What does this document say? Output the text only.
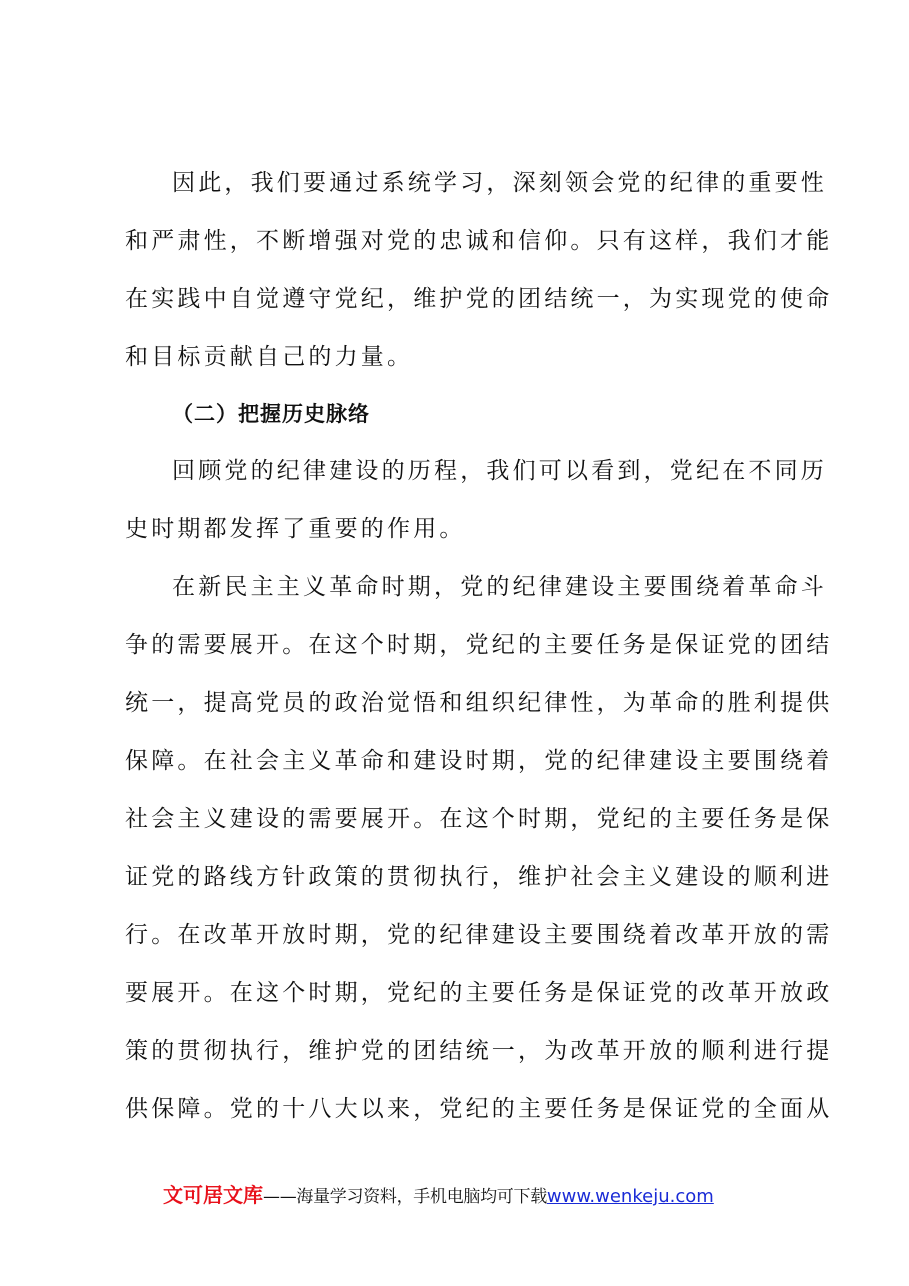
因此，我们要通过系统学习，深刻领会党的纪律的重要性
和严肃性，不断增强对党的忠诚和信仰。只有这样，我们才能
在实践中自觉遵守党纪，维护党的团结统一，为实现党的使命
和目标贡献自己的力量。
（二）把握历史脉络
回顾党的纪律建设的历程，我们可以看到，党纪在不同历
史时期都发挥了重要的作用。
在新民主主义革命时期，党的纪律建设主要围绕着革命斗
争的需要展开。在这个时期，党纪的主要任务是保证党的团结
统一，提高党员的政治觉悟和组织纪律性，为革命的胜利提供
保障。在社会主义革命和建设时期，党的纪律建设主要围绕着
社会主义建设的需要展开。在这个时期，党纪的主要任务是保
证党的路线方针政策的贯彻执行，维护社会主义建设的顺利进
行。在改革开放时期，党的纪律建设主要围绕着改革开放的需
要展开。在这个时期，党纪的主要任务是保证党的改革开放政
策的贯彻执行，维护党的团结统一，为改革开放的顺利进行提
供保障。党的十八大以来，党纪的主要任务是保证党的全面从
文可居文库——海量学习资料，手机电脑均可下载www.wenkeju.com
